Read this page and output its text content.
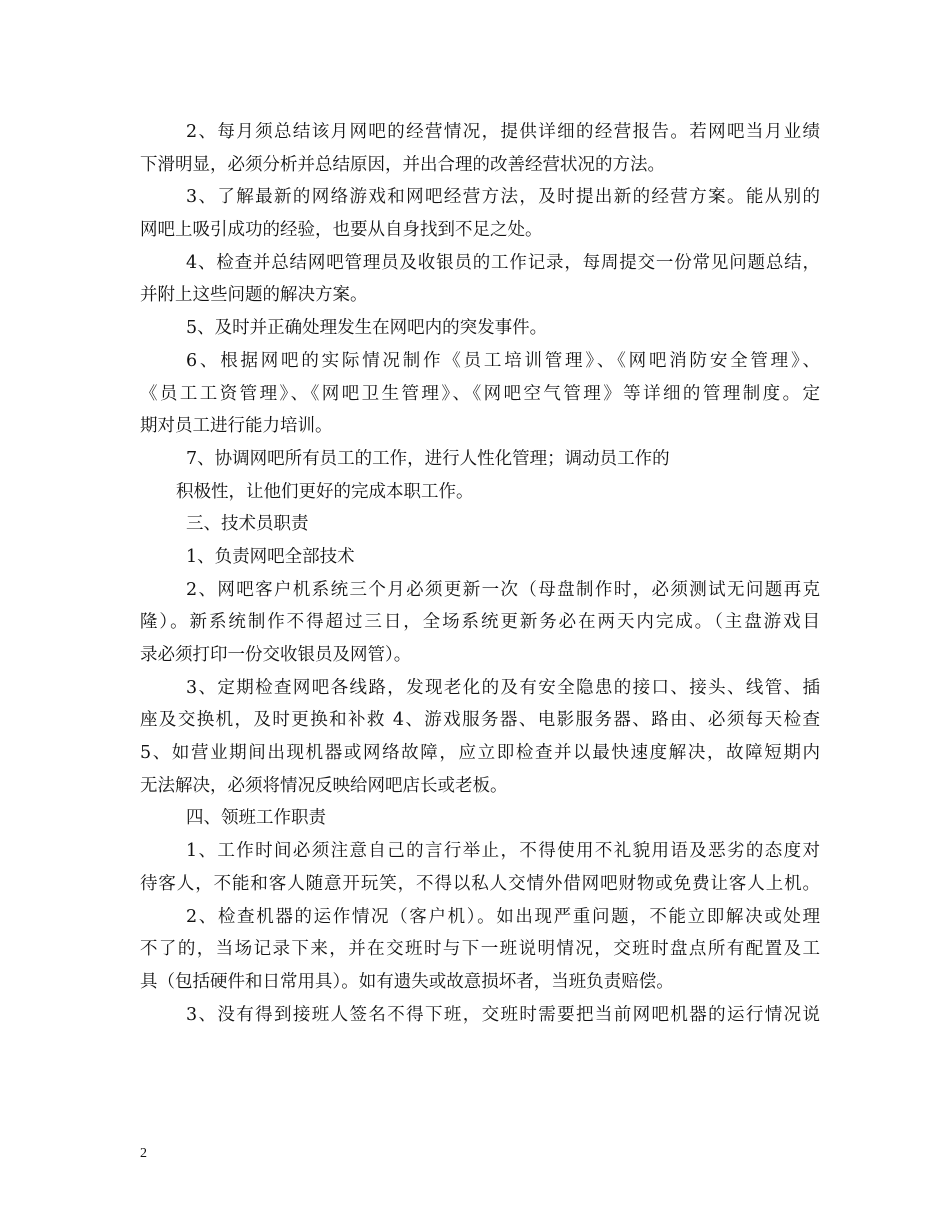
2、每月须总结该月网吧的经营情况，提供详细的经营报告。若网吧当月业绩
下滑明显，必须分析并总结原因，并出合理的改善经营状况的方法。
3、了解最新的网络游戏和网吧经营方法，及时提出新的经营方案。能从别的
网吧上吸引成功的经验，也要从自身找到不足之处。
4、检查并总结网吧管理员及收银员的工作记录，每周提交一份常见问题总结，
并附上这些问题的解决方案。
5、及时并正确处理发生在网吧内的突发事件。
6、根据网吧的实际情况制作《员工培训管理》、《网吧消防安全管理》、
《员工工资管理》、《网吧卫生管理》、《网吧空气管理》等详细的管理制度。定
期对员工进行能力培训。
7、协调网吧所有员工的工作，进行人性化管理；调动员工作的
积极性，让他们更好的完成本职工作。
三、技术员职责
1、负责网吧全部技术
2、网吧客户机系统三个月必须更新一次（母盘制作时，必须测试无问题再克
隆）。新系统制作不得超过三日，全场系统更新务必在两天内完成。（主盘游戏目
录必须打印一份交收银员及网管）。
3、定期检查网吧各线路，发现老化的及有安全隐患的接口、接头、线管、插
座及交换机，及时更换和补救 4、游戏服务器、电影服务器、路由、必须每天检查
5、如营业期间出现机器或网络故障，应立即检查并以最快速度解决，故障短期内
无法解决，必须将情况反映给网吧店长或老板。
四、领班工作职责
1、工作时间必须注意自己的言行举止，不得使用不礼貌用语及恶劣的态度对
待客人，不能和客人随意开玩笑，不得以私人交情外借网吧财物或免费让客人上机。
2、检查机器的运作情况（客户机）。如出现严重问题，不能立即解决或处理
不了的，当场记录下来，并在交班时与下一班说明情况，交班时盘点所有配置及工
具（包括硬件和日常用具）。如有遗失或故意损坏者，当班负责赔偿。
3、没有得到接班人签名不得下班，交班时需要把当前网吧机器的运行情况说
2
